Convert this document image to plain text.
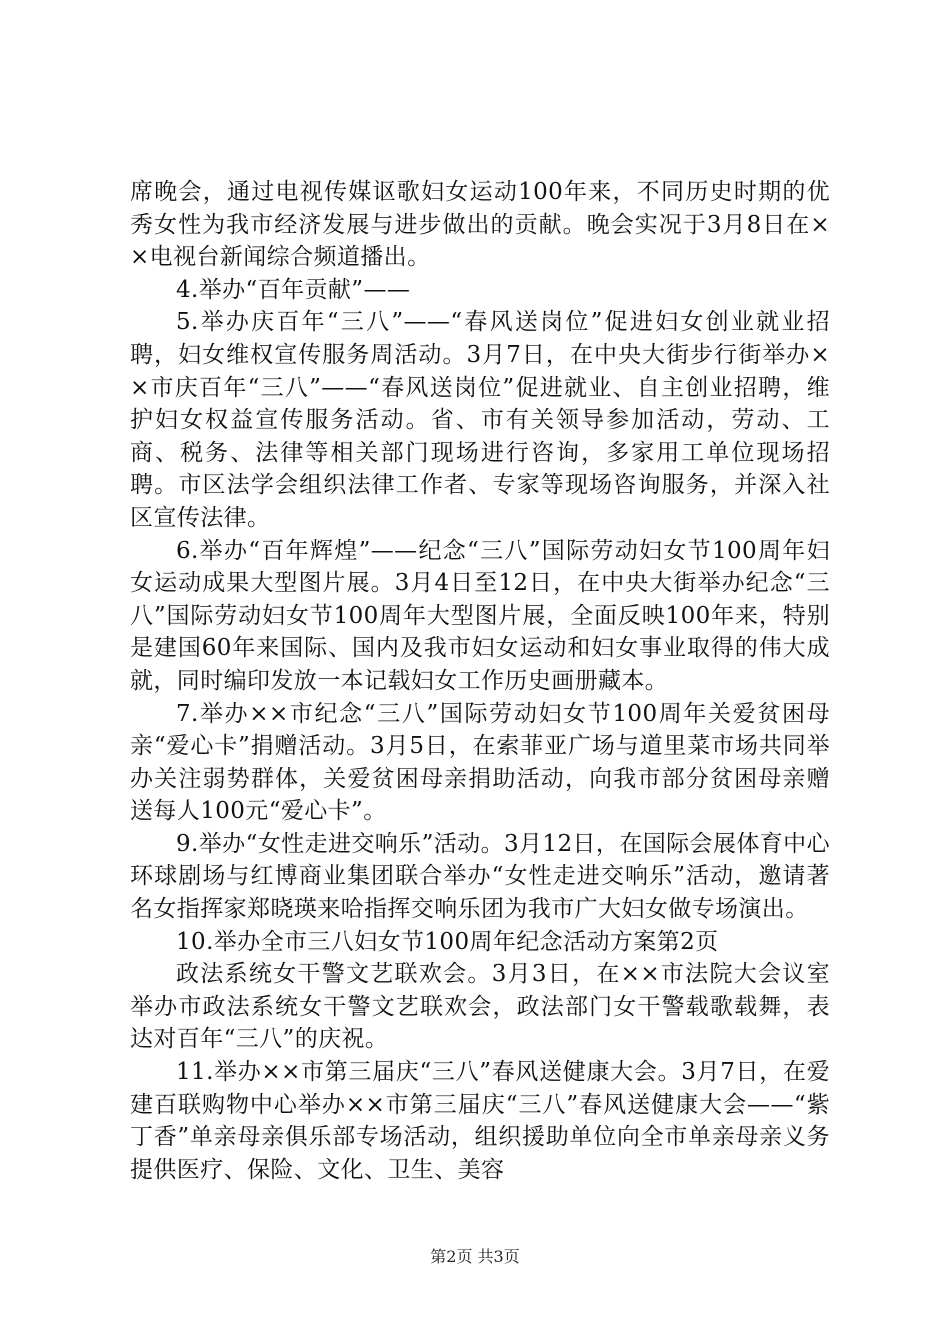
席晚会，通过电视传媒讴歌妇女运动100年来，不同历史时期的优秀女性为我市经济发展与进步做出的贡献。晚会实况于3月8日在××电视台新闻综合频道播出。

4.举办“百年贡献”——

5.举办庆百年“三八”——“春风送岗位”促进妇女创业就业招聘，妇女维权宣传服务周活动。3月7日，在中央大街步行街举办××市庆百年“三八”——“春风送岗位”促进就业、自主创业招聘，维护妇女权益宣传服务活动。省、市有关领导参加活动，劳动、工商、税务、法律等相关部门现场进行咨询，多家用工单位现场招聘。市区法学会组织法律工作者、专家等现场咨询服务，并深入社区宣传法律。

6.举办“百年辉煌”——纪念“三八”国际劳动妇女节100周年妇女运动成果大型图片展。3月4日至12日，在中央大街举办纪念“三八”国际劳动妇女节100周年大型图片展，全面反映100年来，特别是建国60年来国际、国内及我市妇女运动和妇女事业取得的伟大成就，同时编印发放一本记载妇女工作历史画册藏本。

7.举办××市纪念“三八”国际劳动妇女节100周年关爱贫困母亲“爱心卡”捐赠活动。3月5日，在索菲亚广场与道里菜市场共同举办关注弱势群体，关爱贫困母亲捐助活动，向我市部分贫困母亲赠送每人100元“爱心卡”。

9.举办“女性走进交响乐”活动。3月12日，在国际会展体育中心环球剧场与红博商业集团联合举办“女性走进交响乐”活动，邀请著名女指挥家郑晓瑛来哈指挥交响乐团为我市广大妇女做专场演出。

10.举办全市三八妇女节100周年纪念活动方案第2页

政法系统女干警文艺联欢会。3月3日，在××市法院大会议室举办市政法系统女干警文艺联欢会，政法部门女干警载歌载舞，表达对百年“三八”的庆祝。

11.举办××市第三届庆“三八”春风送健康大会。3月7日，在爱建百联购物中心举办××市第三届庆“三八”春风送健康大会——“紫丁香”单亲母亲俱乐部专场活动，组织援助单位向全市单亲母亲义务提供医疗、保险、文化、卫生、美容

第2页 共3页
